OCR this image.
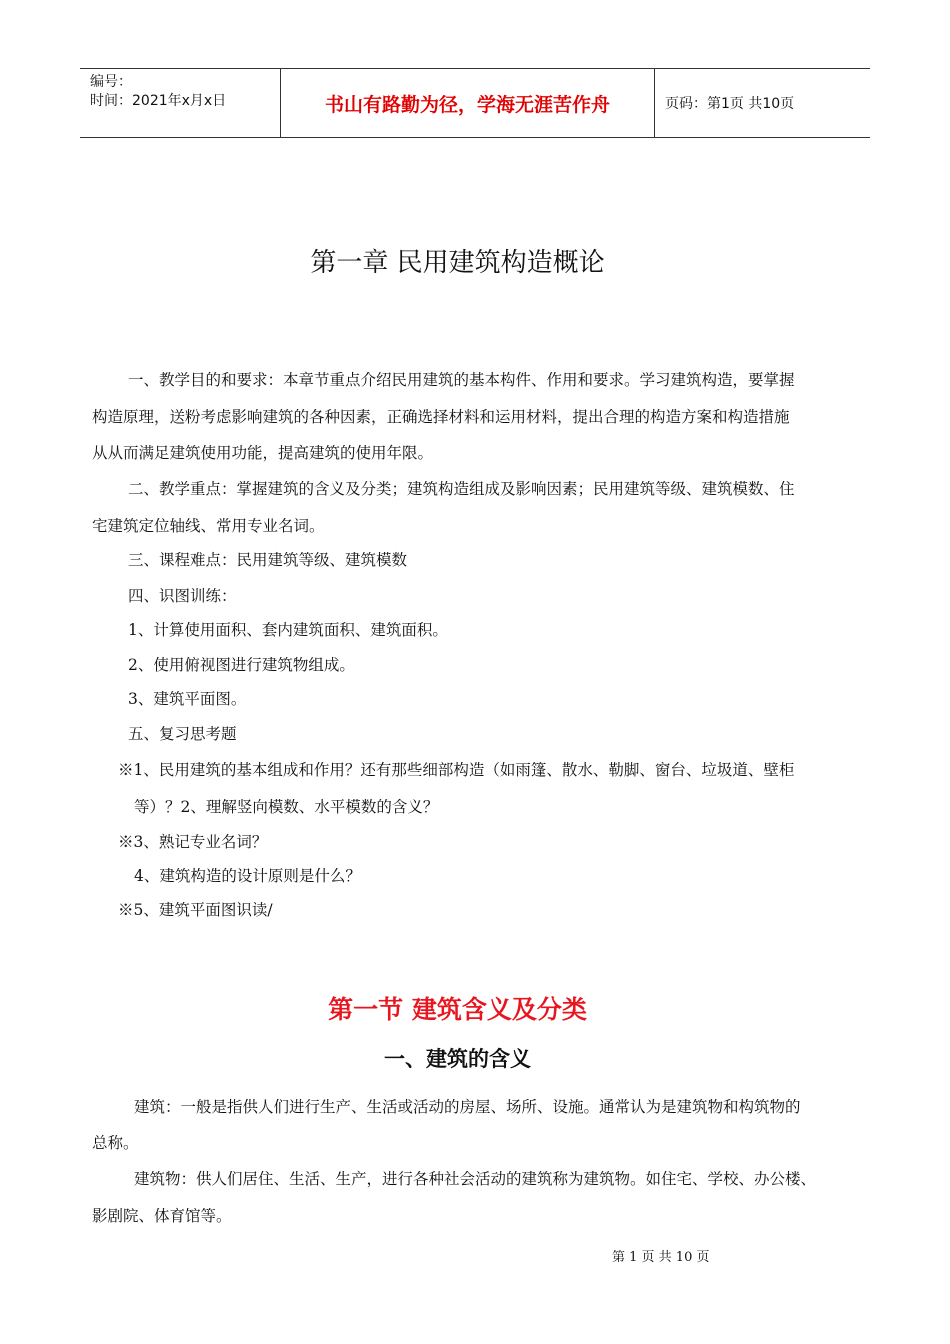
编号：
时间：2021年x月x日	书山有路勤为径，学海无涯苦作舟	页码：第1页 共10页
第一章 民用建筑构造概论
一、教学目的和要求：本章节重点介绍民用建筑的基本构件、作用和要求。学习建筑构造，要掌握
构造原理，送粉考虑影响建筑的各种因素，正确选择材料和运用材料，提出合理的构造方案和构造措施
从从而满足建筑使用功能，提高建筑的使用年限。
二、教学重点：掌握建筑的含义及分类；建筑构造组成及影响因素；民用建筑等级、建筑模数、住
宅建筑定位轴线、常用专业名词。
三、课程难点：民用建筑等级、建筑模数
四、识图训练：
1、计算使用面积、套内建筑面积、建筑面积。
2、使用俯视图进行建筑物组成。
3、建筑平面图。
五、复习思考题
※1、民用建筑的基本组成和作用？还有那些细部构造（如雨篷、散水、勒脚、窗台、垃圾道、壁柜
等）？2、理解竖向模数、水平模数的含义？
※3、熟记专业名词？
4、建筑构造的设计原则是什么？
※5、建筑平面图识读/
第一节 建筑含义及分类
一、建筑的含义
建筑：一般是指供人们进行生产、生活或活动的房屋、场所、设施。通常认为是建筑物和构筑物的
总称。
建筑物：供人们居住、生活、生产，进行各种社会活动的建筑称为建筑物。如住宅、学校、办公楼、
影剧院、体育馆等。
第 1 页 共 10 页
